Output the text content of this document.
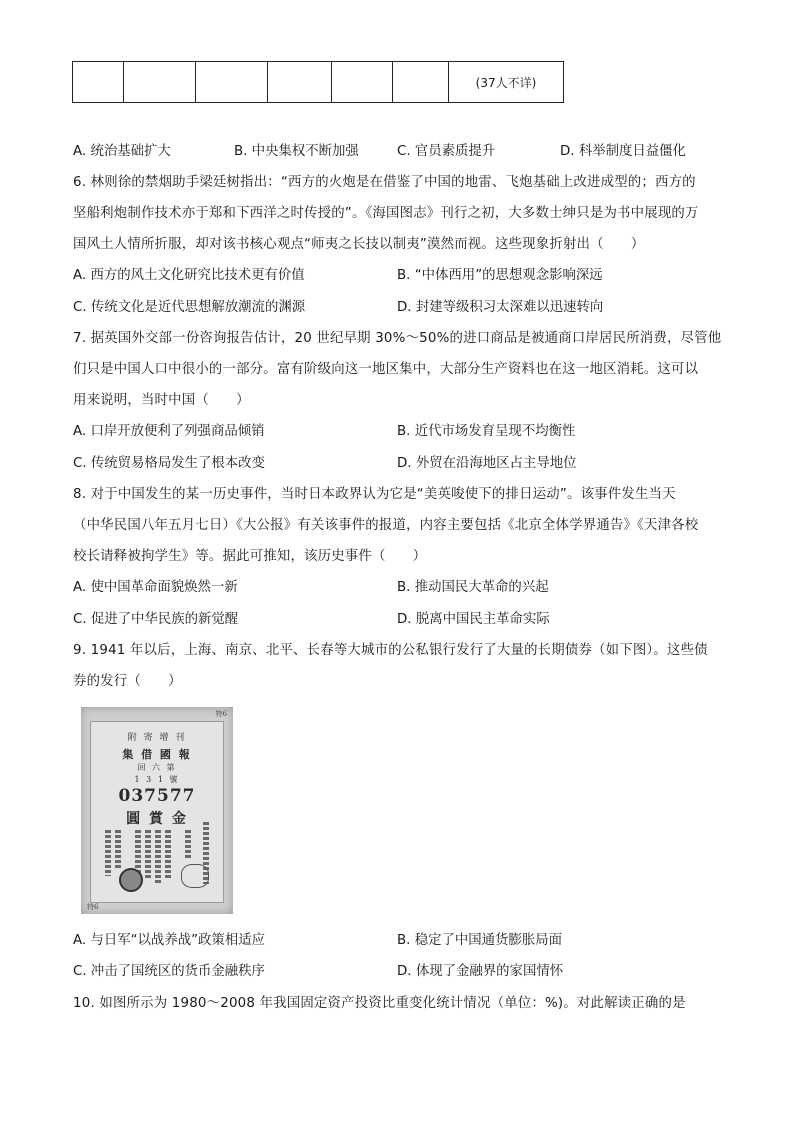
						(37人不详)
A. 统治基础扩大	B. 中央集权不断加强	C. 官员素质提升	D. 科举制度日益僵化
6. 林则徐的禁烟助手梁廷树指出：“西方的火炮是在借鉴了中国的地雷、飞炮基础上改进成型的；西方的
坚船利炮制作技术亦于郑和下西洋之时传授的”。《海国图志》刊行之初，大多数士绅只是为书中展现的万
国风土人情所折服，却对该书核心观点“师夷之长技以制夷”漠然而视。这些现象折射出（　　）
A. 西方的风土文化研究比技术更有价值	B. “中体西用”的思想观念影响深远
C. 传统文化是近代思想解放潮流的渊源	D. 封建等级积习太深难以迅速转向
7. 据英国外交部一份咨询报告估计，20 世纪早期 30%～50%的进口商品是被通商口岸居民所消费，尽管他
们只是中国人口中很小的一部分。富有阶级向这一地区集中，大部分生产资料也在这一地区消耗。这可以
用来说明，当时中国（　　）
A. 口岸开放便利了列强商品倾销	B. 近代市场发育呈现不均衡性
C. 传统贸易格局发生了根本改变	D. 外贸在沿海地区占主导地位
8. 对于中国发生的某一历史事件，当时日本政界认为它是“美英唆使下的排日运动”。该事件发生当天
（中华民国八年五月七日）《大公报》有关该事件的报道，内容主要包括《北京全体学界通告》《天津各校
校长请释被拘学生》等。据此可推知，该历史事件（　　）
A. 使中国革命面貌焕然一新	B. 推动国民大革命的兴起
C. 促进了中华民族的新觉醒	D. 脱离中国民主革命实际
9. 1941 年以后，上海、南京、北平、长春等大城市的公私银行发行了大量的长期债券（如下图）。这些债
券的发行（　　）
特6
特6
附 寄 增 刊
集 借 國 報
回 六 第
1 3 1 號
037577
圓 賞 金
A. 与日军“以战养战”政策相适应	B. 稳定了中国通货膨胀局面
C. 冲击了国统区的货币金融秩序	D. 体现了金融界的家国情怀
10. 如图所示为 1980～2008 年我国固定资产投资比重变化统计情况（单位：%)。对此解读正确的是
